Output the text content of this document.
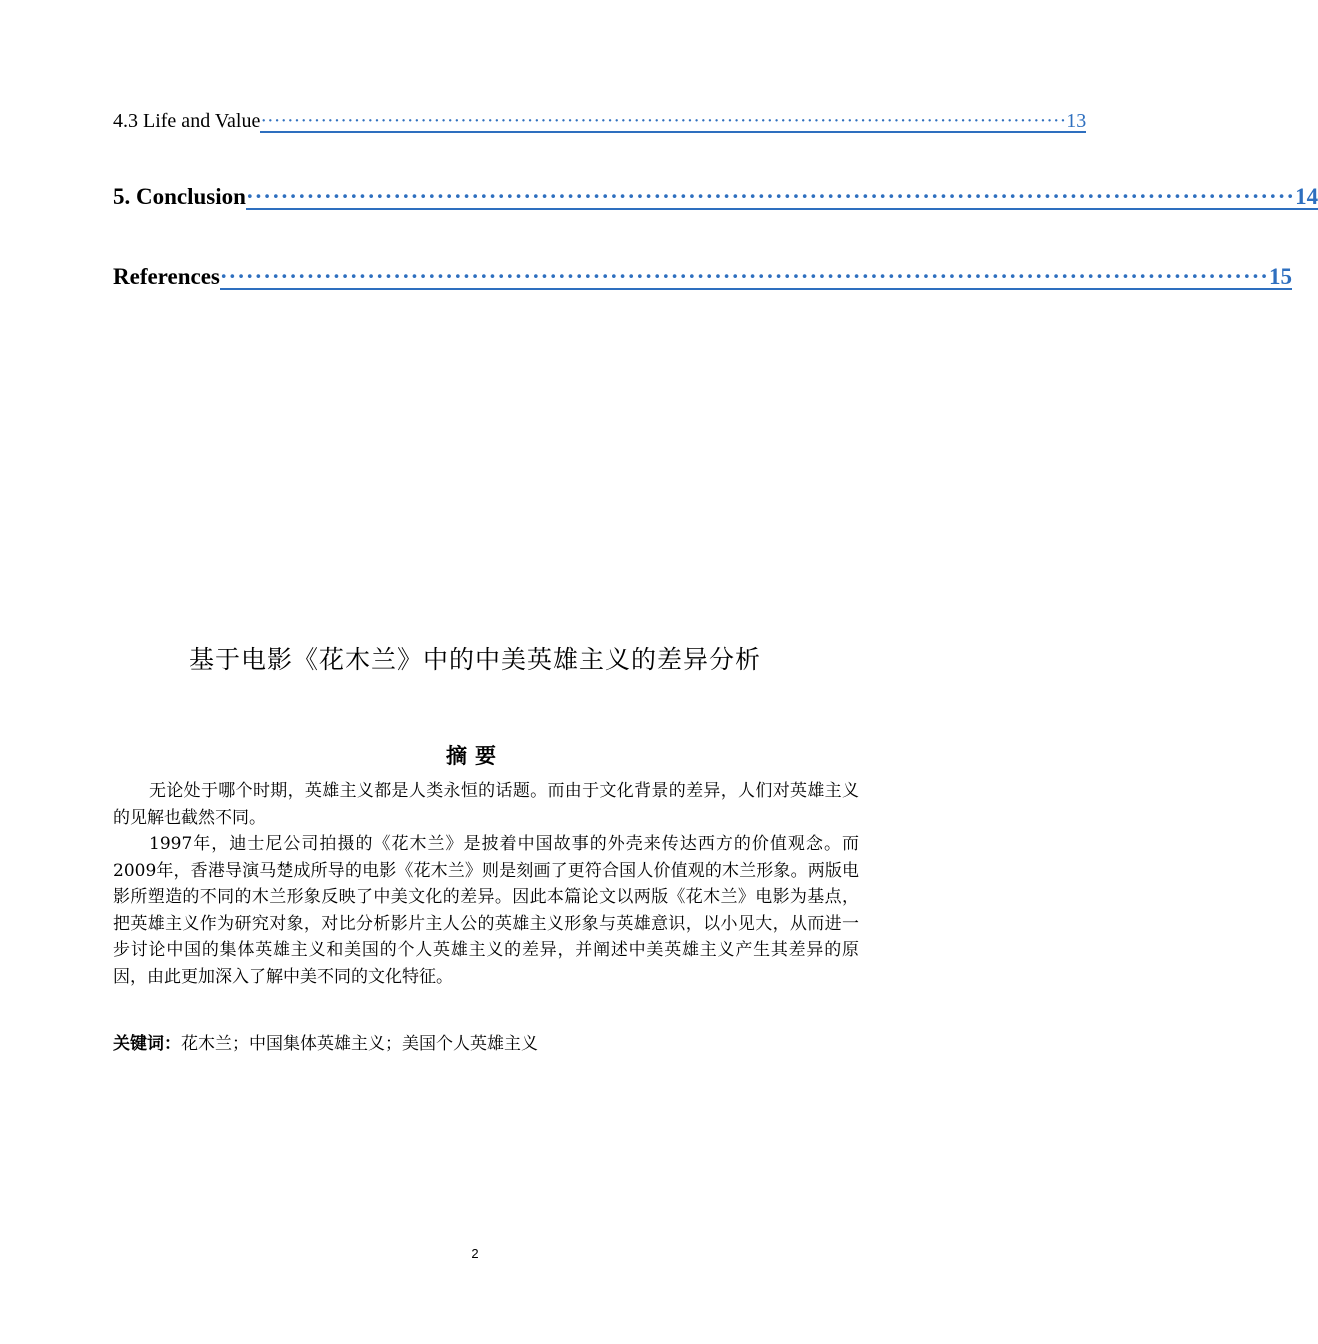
4.3 Life and Value ························································································································· 13
5. Conclusion ························································································································· 14
References ························································································································· 15
基于电影《花木兰》中的中美英雄主义的差异分析
摘要

无论处于哪个时期，英雄主义都是人类永恒的话题。而由于文化背景的差异，人们对英雄主义的见解也截然不同。

1997年，迪士尼公司拍摄的《花木兰》是披着中国故事的外壳来传达西方的价值观念。而2009年，香港导演马楚成所导的电影《花木兰》则是刻画了更符合国人价值观的木兰形象。两版电影所塑造的不同的木兰形象反映了中美文化的差异。因此本篇论文以两版《花木兰》电影为基点，把英雄主义作为研究对象，对比分析影片主人公的英雄主义形象与英雄意识，以小见大，从而进一步讨论中国的集体英雄主义和美国的个人英雄主义的差异，并阐述中美英雄主义产生其差异的原因，由此更加深入了解中美不同的文化特征。

关键词：花木兰；中国集体英雄主义；美国个人英雄主义
2
